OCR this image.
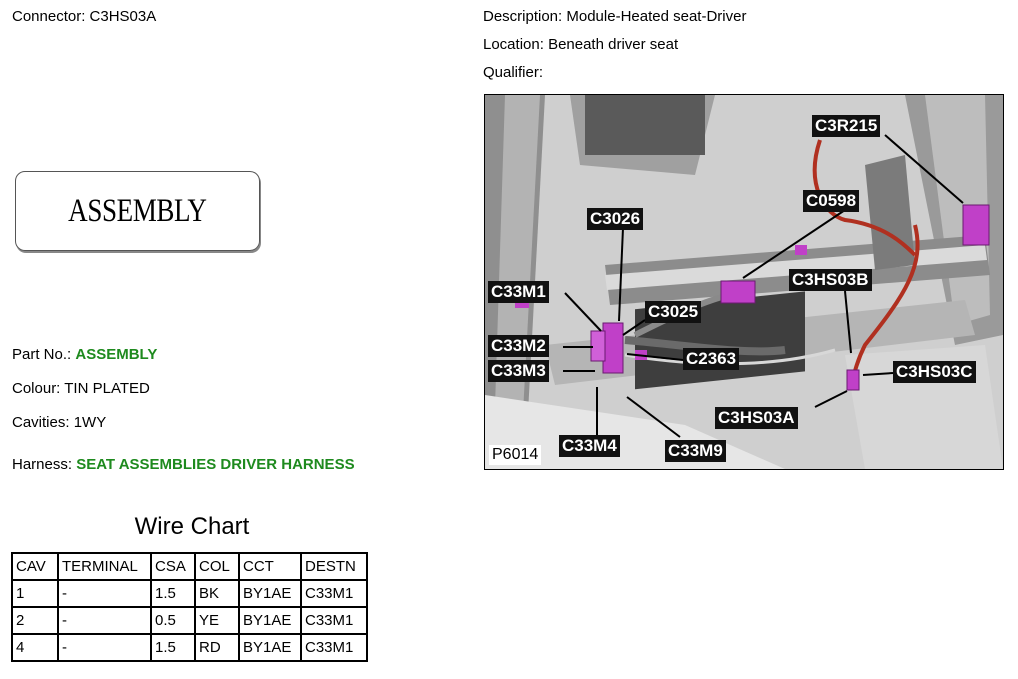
Connector: C3HS03A	Description: Module-Heated seat-Driver
Location: Beneath driver seat
Qualifier:
ASSEMBLY
Part No.: ASSEMBLY
Colour: TIN PLATED
Cavities: 1WY
Harness: SEAT ASSEMBLIES DRIVER HARNESS
Wire Chart
CAV	TERMINAL	CSA	COL	CCT	DESTN
1	-	1.5	BK	BY1AE	C33M1
2	-	0.5	YE	BY1AE	C33M1
4	-	1.5	RD	BY1AE	C33M1
C3R215
C0598
C3026
C3HS03B
C33M1
C3025
C33M2
C2363
C33M3	C3HS03C
C3HS03A
C33M4	C33M9
P6014
